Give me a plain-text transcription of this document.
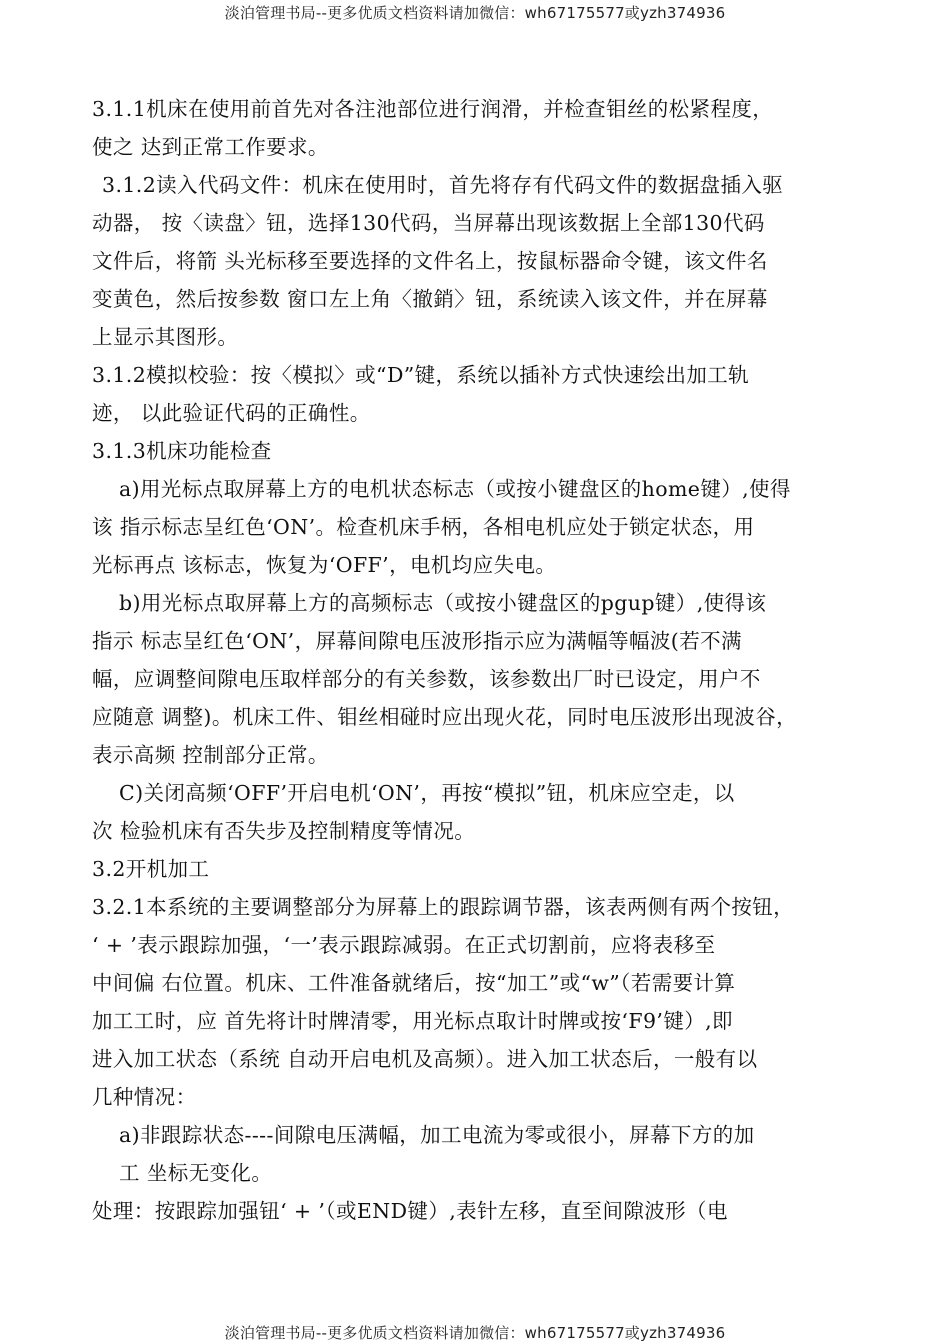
淡泊管理书局--更多优质文档资料请加微信：wh67175577或yzh374936
3.1.1机床在使用前首先对各注池部位进行润滑，并检查钼丝的松紧程度，
使之 达到正常工作要求。
3.1.2读入代码文件：机床在使用时，首先将存有代码文件的数据盘插入驱
动器， 按〈读盘〉钮，选择130代码，当屏幕出现该数据上全部130代码
文件后，将箭 头光标移至要选择的文件名上，按鼠标器命令键，该文件名
变黄色，然后按参数 窗口左上角〈撤銷〉钮，系统读入该文件，并在屏幕
上显示其图形。
3.1.2模拟校验：按〈模拟〉或“D”键，系统以插补方式快速绘出加工轨
迹， 以此验证代码的正确性。
3.1.3机床功能检查
a)用光标点取屏幕上方的电机状态标志（或按小键盘区的home键）,使得
该 指示标志呈红色‘ON’。检查机床手柄，各相电机应处于锁定状态，用
光标再点 该标志，恢复为‘OFF’，电机均应失电。
b)用光标点取屏幕上方的高频标志（或按小键盘区的pgup键）,使得该
指示 标志呈红色‘ON’，屏幕间隙电压波形指示应为满幅等幅波(若不满
幅，应调整间隙电压取样部分的有关参数，该参数出厂时已设定，用户不
应随意 调整)。机床工件、钼丝相碰时应出现火花，同时电压波形出现波谷，
表示高频 控制部分正常。
C)关闭高频‘OFF’开启电机‘ON’，再按“模拟”钮，机床应空走，以
次 检验机床有否失步及控制精度等情况。
3.2开机加工
3.2.1本系统的主要调整部分为屏幕上的跟踪调节器，该表两侧有两个按钮，
‘ + ’表示跟踪加强，‘一’表示跟踪减弱。在正式切割前，应将表移至
中间偏 右位置。机床、工件准备就绪后，按“加工”或“w”（若需要计算
加工工时，应 首先将计时牌清零，用光标点取计时牌或按‘F9’键）,即
进入加工状态（系统 自动开启电机及高频）。进入加工状态后，一般有以
几种情况：
a)非跟踪状态----间隙电压满幅，加工电流为零或很小，屏幕下方的加
工 坐标无变化。
处理：按跟踪加强钮‘ + ’（或END键）,表针左移，直至间隙波形（电
淡泊管理书局--更多优质文档资料请加微信：wh67175577或yzh374936
